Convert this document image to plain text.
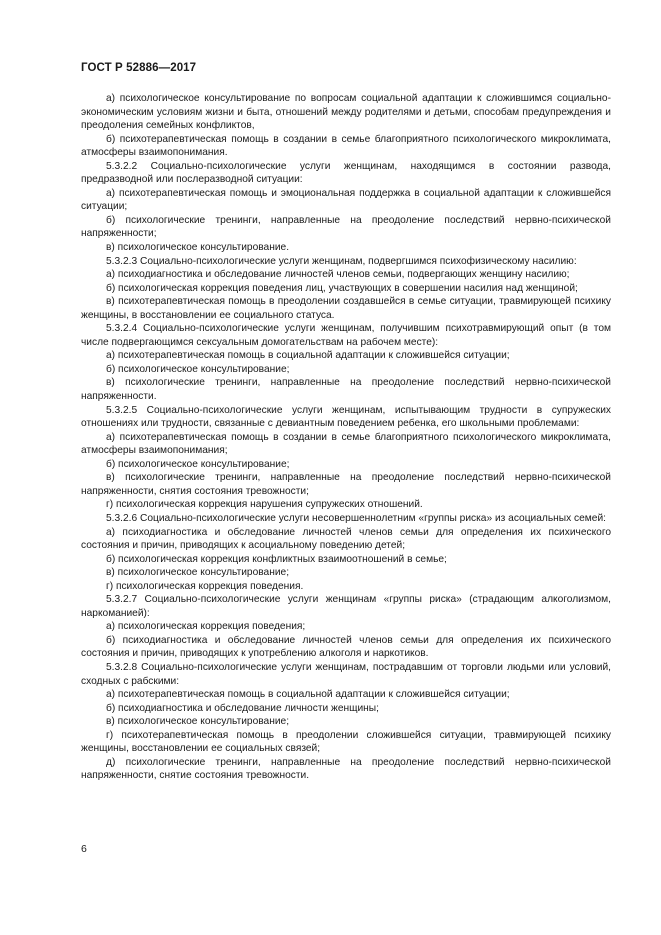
ГОСТ Р 52886—2017

а) психологическое консультирование по вопросам социальной адаптации к сложившимся социально-экономическим условиям жизни и быта, отношений между родителями и детьми, способам предупреждения и преодоления семейных конфликтов,

б) психотерапевтическая помощь в создании в семье благоприятного психологического микроклимата, атмосферы взаимопонимания.

5.3.2.2 Социально-психологические услуги женщинам, находящимся в состоянии развода, предразводной или послеразводной ситуации:

а) психотерапевтическая помощь и эмоциональная поддержка в социальной адаптации к сложившейся ситуации;

б) психологические тренинги, направленные на преодоление последствий нервно-психической напряженности;

в) психологическое консультирование.

5.3.2.3 Социально-психологические услуги женщинам, подвергшимся психофизическому насилию:

а) психодиагностика и обследование личностей членов семьи, подвергающих женщину насилию;

б) психологическая коррекция поведения лиц, участвующих в совершении насилия над женщиной;

в) психотерапевтическая помощь в преодолении создавшейся в семье ситуации, травмирующей психику женщины, в восстановлении ее социального статуса.

5.3.2.4 Социально-психологические услуги женщинам, получившим психотравмирующий опыт (в том числе подвергающимся сексуальным домогательствам на рабочем месте):

а) психотерапевтическая помощь в социальной адаптации к сложившейся ситуации;

б) психологическое консультирование;

в) психологические тренинги, направленные на преодоление последствий нервно-психической напряженности.

5.3.2.5 Социально-психологические услуги женщинам, испытывающим трудности в супружеских отношениях или трудности, связанные с девиантным поведением ребенка, его школьными проблемами:

а) психотерапевтическая помощь в создании в семье благоприятного психологического микроклимата, атмосферы взаимопонимания;

б) психологическое консультирование;

в) психологические тренинги, направленные на преодоление последствий нервно-психической напряженности, снятия состояния тревожности;

г) психологическая коррекция нарушения супружеских отношений.

5.3.2.6 Социально-психологические услуги несовершеннолетним «группы риска» из асоциальных семей:

а) психодиагностика и обследование личностей членов семьи для определения их психического состояния и причин, приводящих к асоциальному поведению детей;

б) психологическая коррекция конфликтных взаимоотношений в семье;

в) психологическое консультирование;

г) психологическая коррекция поведения.

5.3.2.7 Социально-психологические услуги женщинам «группы риска» (страдающим алкоголизмом, наркоманией):

а) психологическая коррекция поведения;

б) психодиагностика и обследование личностей членов семьи для определения их психического состояния и причин, приводящих к употреблению алкоголя и наркотиков.

5.3.2.8 Социально-психологические услуги женщинам, пострадавшим от торговли людьми или условий, сходных с рабскими:

а) психотерапевтическая помощь в социальной адаптации к сложившейся ситуации;

б) психодиагностика и обследование личности женщины;

в) психологическое консультирование;

г) психотерапевтическая помощь в преодолении сложившейся ситуации, травмирующей психику женщины, восстановлении ее социальных связей;

д) психологические тренинги, направленные на преодоление последствий нервно-психической напряженности, снятие состояния тревожности.

6
